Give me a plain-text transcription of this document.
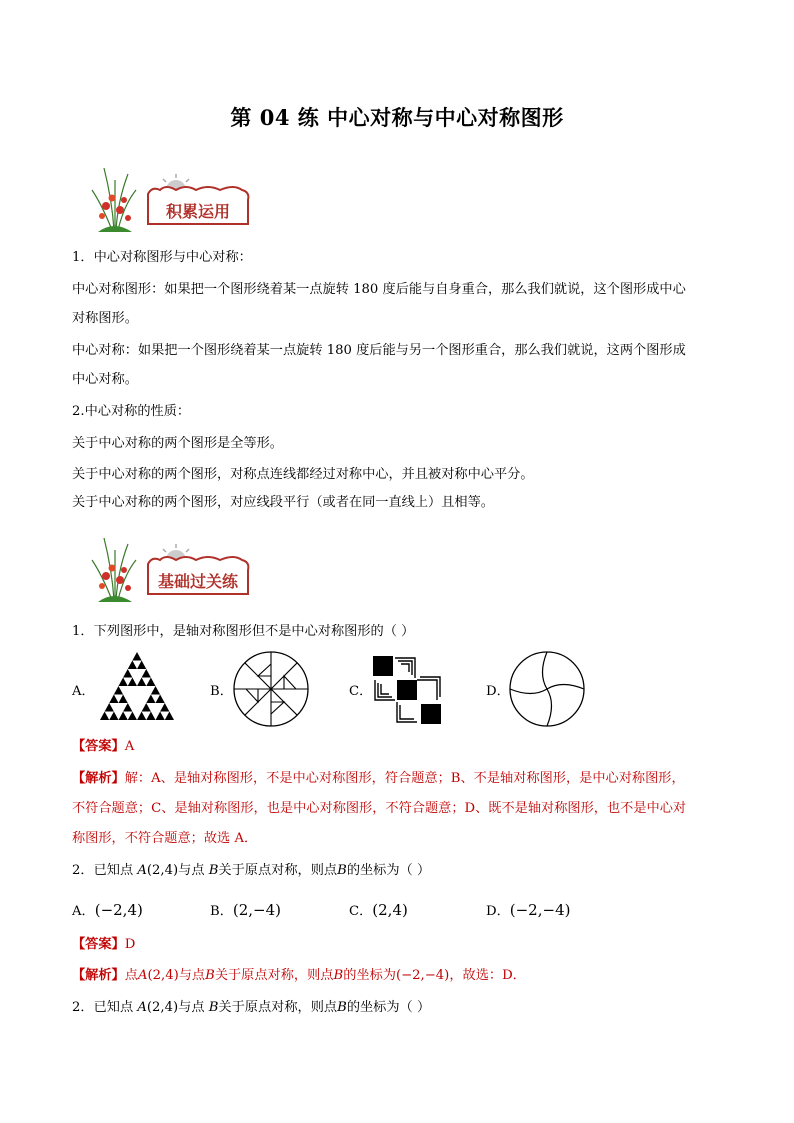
第 04 练 中心对称与中心对称图形
积累运用
1．中心对称图形与中心对称：
中心对称图形：如果把一个图形绕着某一点旋转 180 度后能与自身重合，那么我们就说，这个图形成中心
对称图形。
中心对称：如果把一个图形绕着某一点旋转 180 度后能与另一个图形重合，那么我们就说，这两个图形成
中心对称。
2.中心对称的性质：
关于中心对称的两个图形是全等形。
关于中心对称的两个图形，对称点连线都经过对称中心，并且被对称中心平分。
关于中心对称的两个图形，对应线段平行（或者在同一直线上）且相等。
基础过关练
1．下列图形中，是轴对称图形但不是中心对称图形的（ ）
A．	B．	C．	D．
【答案】A
【解析】解：A、是轴对称图形，不是中心对称图形，符合题意；B、不是轴对称图形，是中心对称图形，
不符合题意；C、是轴对称图形，也是中心对称图形，不符合题意；D、既不是轴对称图形，也不是中心对
称图形，不符合题意；故选 A．
2．已知点 A(2,4)与点 B关于原点对称，则点B的坐标为（ ）
A．(−2,4)	B．(2,−4)	C．(2,4)	D．(−2,−4)
【答案】D
【解析】点A(2,4)与点B关于原点对称，则点B的坐标为(−2,−4)，故选：D．
2．已知点 A(2,4)与点 B关于原点对称，则点B的坐标为（ ）
